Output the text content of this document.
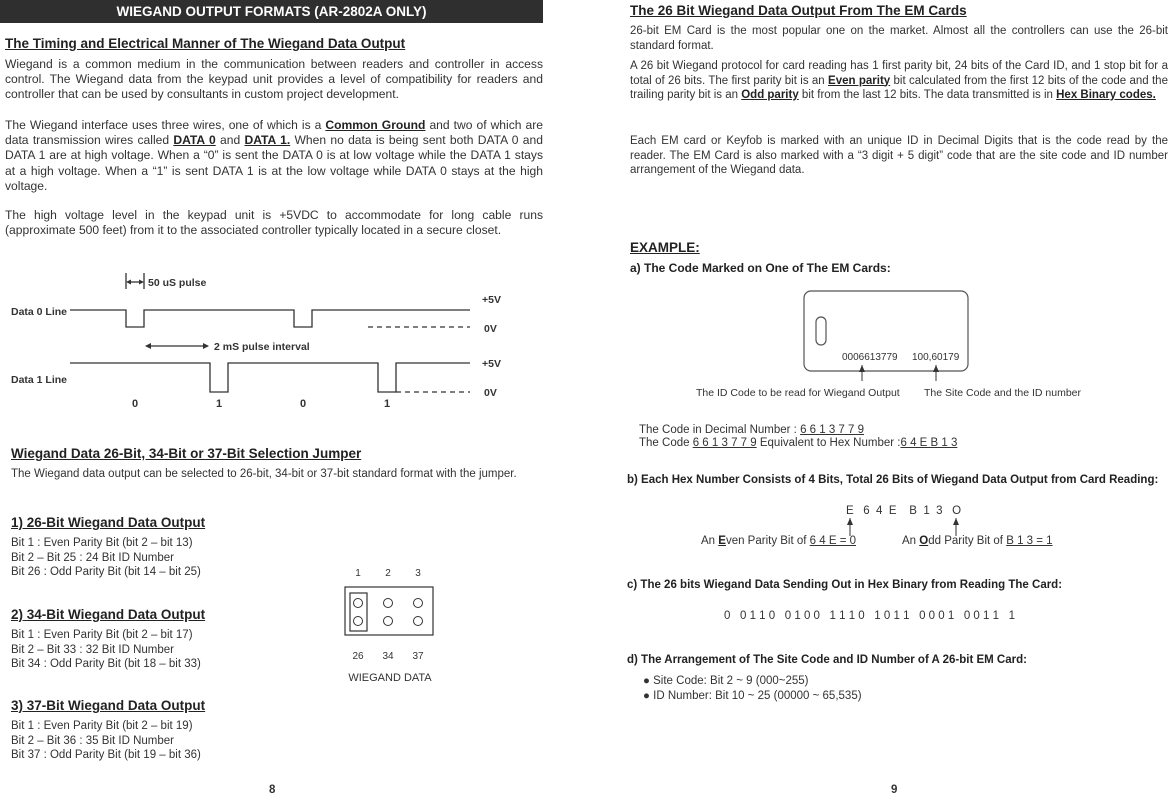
WIEGAND OUTPUT FORMATS (AR-2802A ONLY)
The Timing and Electrical Manner of The Wiegand Data Output

Wiegand is a common medium in the communication between readers and controller in access control. The Wiegand data from the keypad unit provides a level of compatibility for readers and controller that can be used by consultants in custom project development.

The Wiegand interface uses three wires, one of which is a Common Ground and two of which are data transmission wires called DATA 0 and DATA 1. When no data is being sent both DATA 0 and DATA 1 are at high voltage. When a “0” is sent the DATA 0 is at low voltage while the DATA 1 stays at a high voltage. When a “1” is sent DATA 1 is at the low voltage while DATA 0 stays at the high voltage.

The high voltage level in the keypad unit is +5VDC to accommodate for long cable runs (approximate 500 feet) from it to the associated controller typically located in a secure closet.

50 uS pulse
2 mS pulse interval
Data 0 Line
Data 1 Line
+5V
0V
+5V
0V
0	1	0	1
Wiegand Data 26-Bit, 34-Bit or 37-Bit Selection Jumper

The Wiegand data output can be selected to 26-bit, 34-bit or 37-bit standard format with the jumper.

1) 26-Bit Wiegand Data Output
Bit 1 : Even Parity Bit (bit 2 – bit 13)
Bit 2 – Bit 25 : 24 Bit ID Number
Bit 26 : Odd Parity Bit (bit 14 – bit 25)
2) 34-Bit Wiegand Data Output
Bit 1 : Even Parity Bit (bit 2 – bit 17)
Bit 2 – Bit 33 : 32 Bit ID Number
Bit 34 : Odd Parity Bit (bit 18 – bit 33)
3) 37-Bit Wiegand Data Output
Bit 1 : Even Parity Bit (bit 2 – bit 19)
Bit 2 – Bit 36 : 35 Bit ID Number
Bit 37 : Odd Parity Bit (bit 19 – bit 36)
1 2 3
26 34 37
WIEGAND DATA
8
The 26 Bit Wiegand Data Output From The EM Cards

26-bit EM Card is the most popular one on the market. Almost all the controllers can use the 26-bit standard format.

A 26 bit Wiegand protocol for card reading has 1 first parity bit, 24 bits of the Card ID, and 1 stop bit for a total of 26 bits. The first parity bit is an Even parity bit calculated from the first 12 bits of the code and the trailing parity bit is an Odd parity bit from the last 12 bits. The data transmitted is in Hex Binary codes.

Each EM card or Keyfob is marked with an unique ID in Decimal Digits that is the code read by the reader. The EM Card is also marked with a “3 digit + 5 digit” code that are the site code and ID number arrangement of the Wiegand data.

EXAMPLE:
a) The Code Marked on One of The EM Cards:
0006613779 100,60179
The ID Code to be read for Wiegand Output The Site Code and the ID number
The Code in Decimal Number : 6 6 1 3 7 7 9
The Code 6 6 1 3 7 7 9 Equivalent to Hex Number :6 4 E B 1 3
b) Each Hex Number Consists of 4 Bits, Total 26 Bits of Wiegand Data Output from Card Reading:
E 6  4  E    B  1  3 O
An Even Parity Bit of 6 4 E = 0	An Odd Parity Bit of B 1 3 = 1
c) The 26 bits Wiegand Data Sending Out in Hex Binary from Reading The Card:
0 0 1 1 0 0 1 0 0 1 1 1 0 1 0 1 1 0 0 0 1 0 0 1 1 1
d) The Arrangement of The Site Code and ID Number of A 26-bit EM Card:
● Site Code: Bit 2 ~ 9 (000~255)
● ID Number: Bit 10 ~ 25 (00000 ~ 65,535)
9
